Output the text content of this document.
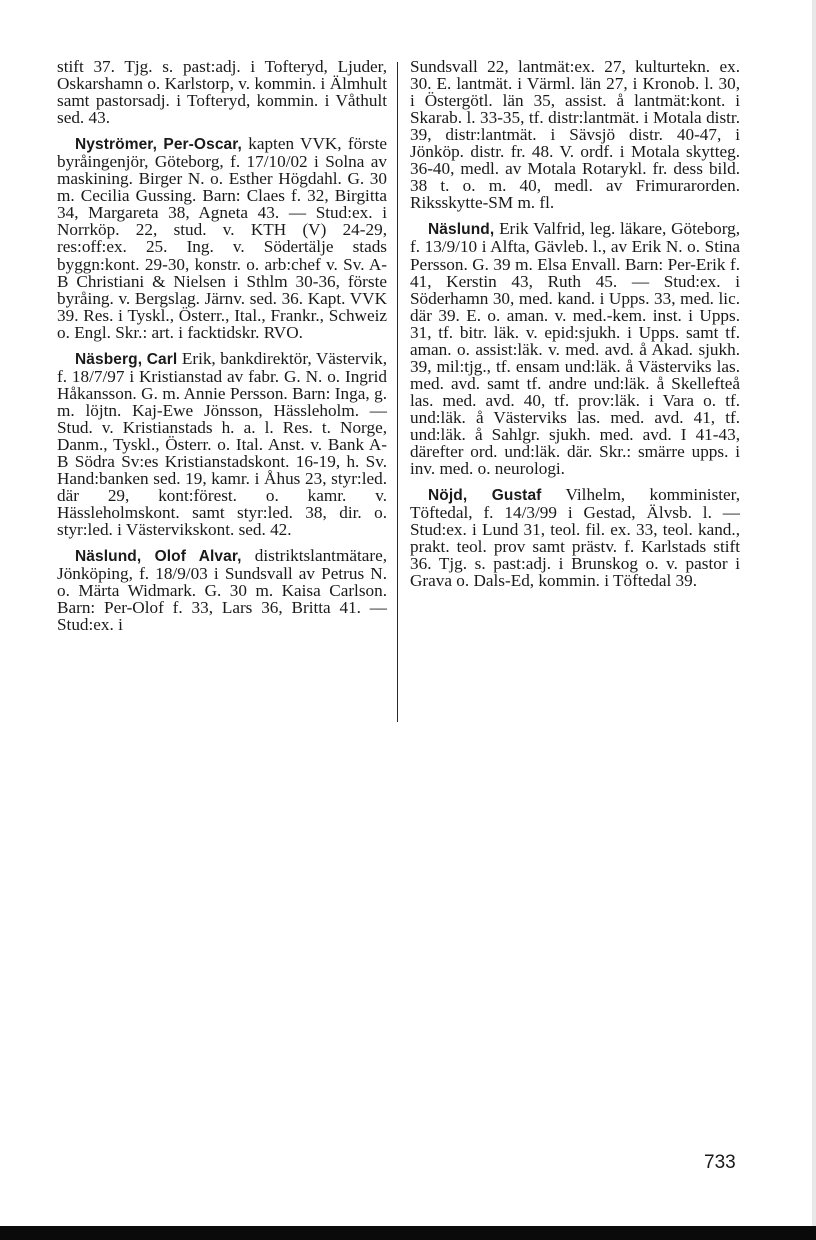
stift 37. Tjg. s. past:adj. i Tofteryd, Ljuder, Oskarshamn o. Karlstorp, v. kommin. i Älmhult samt pastorsadj. i Tofteryd, kommin. i Våthult sed. 43.

Nyströmer, Per-Oscar, kapten VVK, förste byråingenjör, Göteborg, f. 17/10/02 i Solna av maskining. Birger N. o. Esther Högdahl. G. 30 m. Cecilia Gussing. Barn: Claes f. 32, Birgitta 34, Margareta 38, Agneta 43. — Stud:ex. i Norrköp. 22, stud. v. KTH (V) 24-29, res:off:ex. 25. Ing. v. Södertälje stads byggn:kont. 29-30, konstr. o. arb:chef v. Sv. A-B Christiani & Nielsen i Sthlm 30-36, förste byråing. v. Bergslag. Järnv. sed. 36. Kapt. VVK 39. Res. i Tyskl., Österr., Ital., Frankr., Schweiz o. Engl. Skr.: art. i facktidskr. RVO.

Näsberg, Carl Erik, bankdirektör, Västervik, f. 18/7/97 i Kristianstad av fabr. G. N. o. Ingrid Håkansson. G. m. Annie Persson. Barn: Inga, g. m. löjtn. Kaj-Ewe Jönsson, Hässleholm. — Stud. v. Kristianstads h. a. l. Res. t. Norge, Danm., Tyskl., Österr. o. Ital. Anst. v. Bank A-B Södra Sv:es Kristianstadskont. 16-19, h. Sv. Hand:banken sed. 19, kamr. i Åhus 23, styr:led. där 29, kont:förest. o. kamr. v. Hässleholmskont. samt styr:led. 38, dir. o. styr:led. i Västervikskont. sed. 42.

Näslund, Olof Alvar, distriktslantmätare, Jönköping, f. 18/9/03 i Sundsvall av Petrus N. o. Märta Widmark. G. 30 m. Kaisa Carlson. Barn: Per-Olof f. 33, Lars 36, Britta 41. — Stud:ex. i

Sundsvall 22, lantmät:ex. 27, kulturtekn. ex. 30. E. lantmät. i Värml. län 27, i Kronob. l. 30, i Östergötl. län 35, assist. å lantmät:kont. i Skarab. l. 33-35, tf. distr:lantmät. i Motala distr. 39, distr:lantmät. i Sävsjö distr. 40-47, i Jönköp. distr. fr. 48. V. ordf. i Motala skytteg. 36-40, medl. av Motala Rotarykl. fr. dess bild. 38 t. o. m. 40, medl. av Frimurarorden. Riksskytte-SM m. fl.

Näslund, Erik Valfrid, leg. läkare, Göteborg, f. 13/9/10 i Alfta, Gävleb. l., av Erik N. o. Stina Persson. G. 39 m. Elsa Envall. Barn: Per-Erik f. 41, Kerstin 43, Ruth 45. — Stud:ex. i Söderhamn 30, med. kand. i Upps. 33, med. lic. där 39. E. o. aman. v. med.-kem. inst. i Upps. 31, tf. bitr. läk. v. epid:sjukh. i Upps. samt tf. aman. o. assist:läk. v. med. avd. å Akad. sjukh. 39, mil:tjg., tf. ensam und:läk. å Västerviks las. med. avd. samt tf. andre und:läk. å Skellefteå las. med. avd. 40, tf. prov:läk. i Vara o. tf. und:läk. å Västerviks las. med. avd. 41, tf. und:läk. å Sahlgr. sjukh. med. avd. I 41-43, därefter ord. und:läk. där. Skr.: smärre upps. i inv. med. o. neurologi.

Nöjd, Gustaf Vilhelm, komminister, Töftedal, f. 14/3/99 i Gestad, Älvsb. l. — Stud:ex. i Lund 31, teol. fil. ex. 33, teol. kand., prakt. teol. prov samt prästv. f. Karlstads stift 36. Tjg. s. past:adj. i Brunskog o. v. pastor i Grava o. Dals-Ed, kommin. i Töftedal 39.

733
